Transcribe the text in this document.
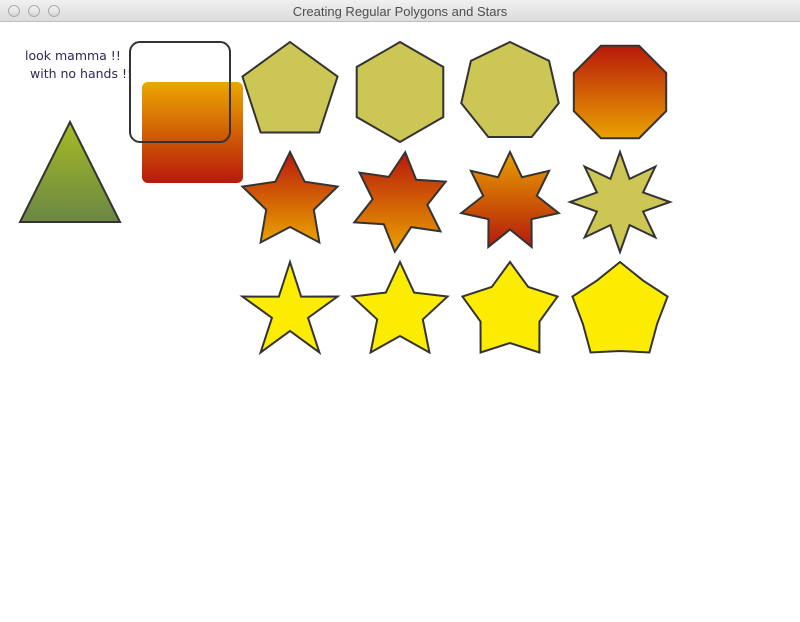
Creating Regular Polygons and Stars
look mamma !!
with no hands !!
